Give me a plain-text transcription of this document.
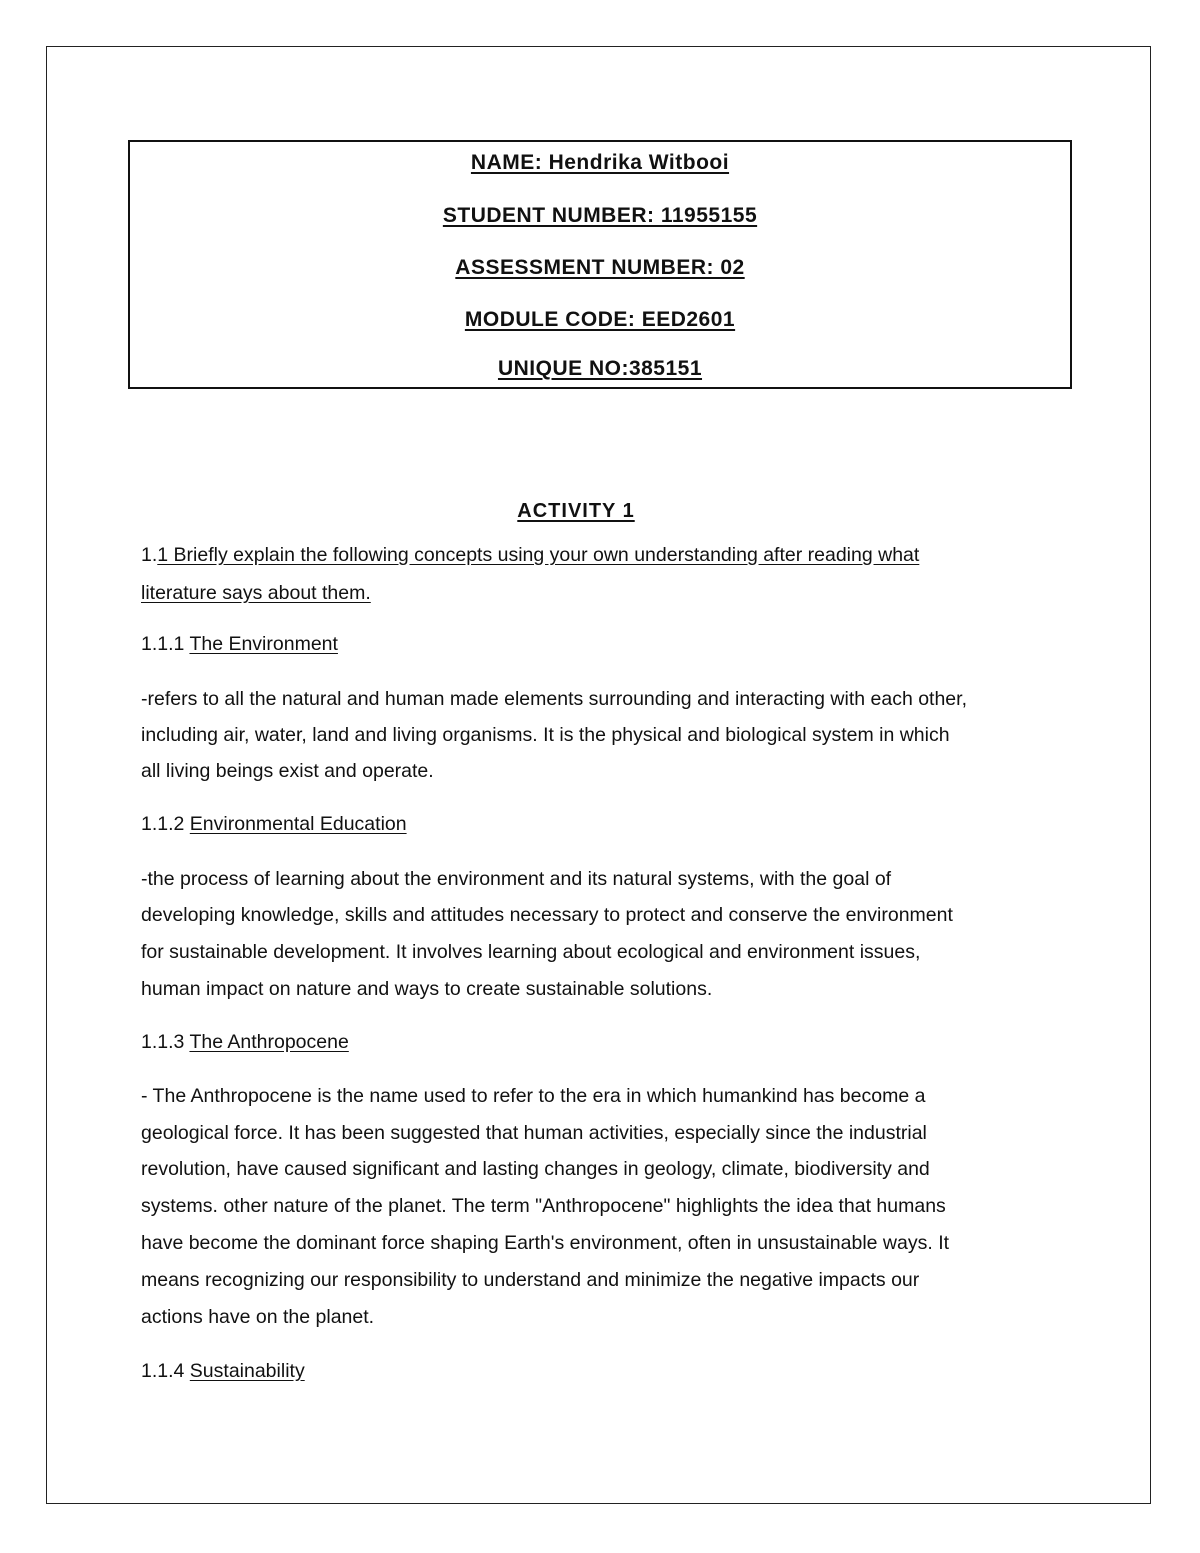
NAME: Hendrika Witbooi
STUDENT NUMBER: 11955155
ASSESSMENT NUMBER: 02
MODULE CODE: EED2601
UNIQUE NO:385151
ACTIVITY 1
1.1 Briefly explain the following concepts using your own understanding after reading what
literature says about them.
1.1.1 The Environment
-refers to all the natural and human made elements surrounding and interacting with each other,
including air, water, land and living organisms. It is the physical and biological system in which
all living beings exist and operate.
1.1.2 Environmental Education
-the process of learning about the environment and its natural systems, with the goal of
developing knowledge, skills and attitudes necessary to protect and conserve the environment
for sustainable development. It involves learning about ecological and environment issues,
human impact on nature and ways to create sustainable solutions.
1.1.3 The Anthropocene
- The Anthropocene is the name used to refer to the era in which humankind has become a
geological force. It has been suggested that human activities, especially since the industrial
revolution, have caused significant and lasting changes in geology, climate, biodiversity and
systems. other nature of the planet. The term "Anthropocene" highlights the idea that humans
have become the dominant force shaping Earth's environment, often in unsustainable ways. It
means recognizing our responsibility to understand and minimize the negative impacts our
actions have on the planet.
1.1.4 Sustainability
